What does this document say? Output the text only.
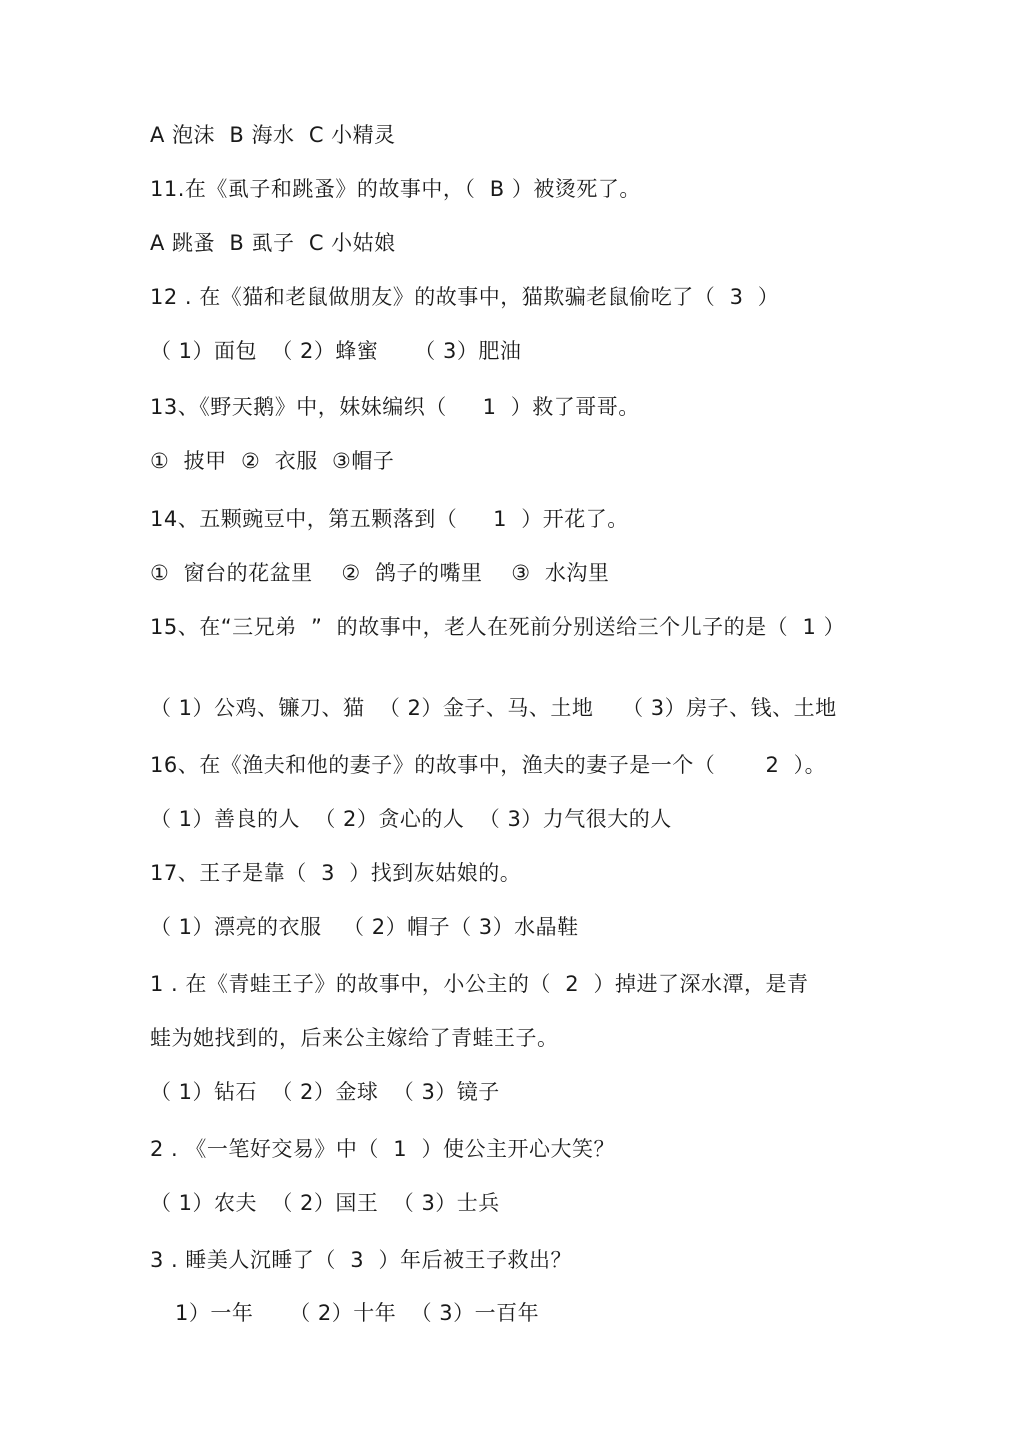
A 泡沫  B 海水  C 小精灵
11.在《虱子和跳蚤》的故事中，（  B ）被烫死了。
A 跳蚤  B 虱子  C 小姑娘
12 . 在《猫和老鼠做朋友》的故事中，猫欺骗老鼠偷吃了（  3  ）
（ 1）面包  （ 2）蜂蜜     （ 3）肥油
13、《野天鹅》中，妹妹编织（     1  ）救了哥哥。
①  披甲  ②  衣服  ③帽子
14、五颗豌豆中，第五颗落到（     1  ）开花了。
①  窗台的花盆里    ②  鸽子的嘴里    ③  水沟里
15、在“三兄弟  ”  的故事中，老人在死前分别送给三个儿子的是（  1 ）
（ 1）公鸡、镰刀、猫  （ 2）金子、马、土地    （ 3）房子、钱、土地
16、在《渔夫和他的妻子》的故事中，渔夫的妻子是一个（       2  ）。
（ 1）善良的人  （ 2）贪心的人  （ 3）力气很大的人
17、王子是靠（  3  ）找到灰姑娘的。
（ 1）漂亮的衣服   （ 2）帽子（ 3）水晶鞋
1 . 在《青蛙王子》的故事中，小公主的（  2  ）掉进了深水潭，是青
蛙为她找到的，后来公主嫁给了青蛙王子。
（ 1）钻石  （ 2）金球  （ 3）镜子
2 . 《一笔好交易》中（  1  ）使公主开心大笑？
（ 1）农夫  （ 2）国王  （ 3）士兵
3 . 睡美人沉睡了（  3  ）年后被王子救出？
1）一年     （ 2）十年  （ 3）一百年
